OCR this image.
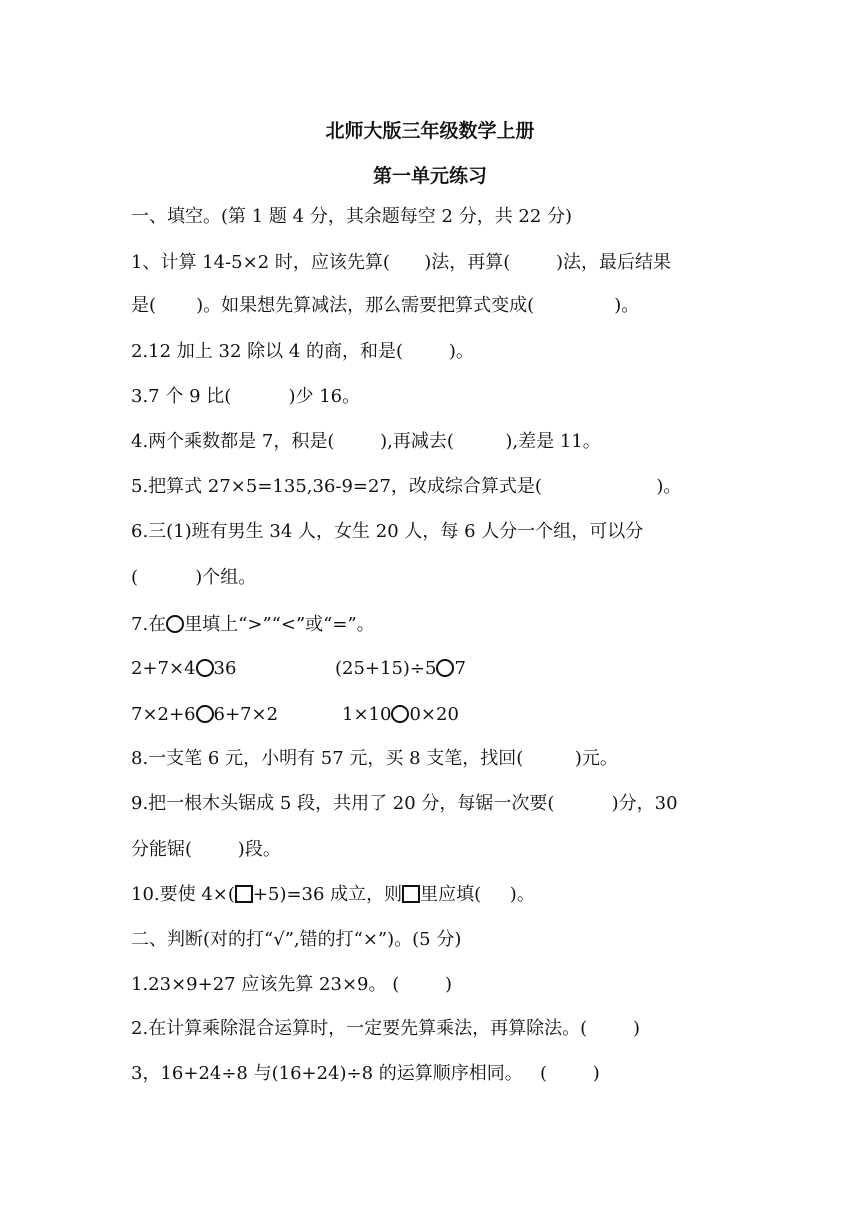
北师大版三年级数学上册
第一单元练习
一、填空。(第 1 题 4 分，其余题每空 2 分，共 22 分)
1、计算 14-5×2 时，应该先算(      )法，再算(        )法，最后结果
是(       )。如果想先算减法，那么需要把算式变成(              )。
2.12 加上 32 除以 4 的商，和是(        )。
3.7 个 9 比(          )少 16。
4.两个乘数都是 7，积是(        ),再减去(         ),差是 11。
5.把算式 27×5=135,36-9=27，改成综合算式是(                    )。
6.三(1)班有男生 34 人，女生 20 人，每 6 人分一个组，可以分
(          )个组。
7.在 里填上“>”“<”或“=”。
2+7×4 36	(25+15)÷5 7
7×2+6 6+7×2	1×10 0×20
8.一支笔 6 元，小明有 57 元，买 8 支笔，找回(         )元。
9.把一根木头锯成 5 段，共用了 20 分，每锯一次要(          )分，30
分能锯(        )段。
10.要使 4×( +5)=36 成立，则 里应填(     )。
二、判断(对的打“√”,错的打“×”)。(5 分)
1.23×9+27 应该先算 23×9。 (        )
2.在计算乘除混合运算时，一定要先算乘法，再算除法。(        )
3，16+24÷8 与(16+24)÷8 的运算顺序相同。   (        )
